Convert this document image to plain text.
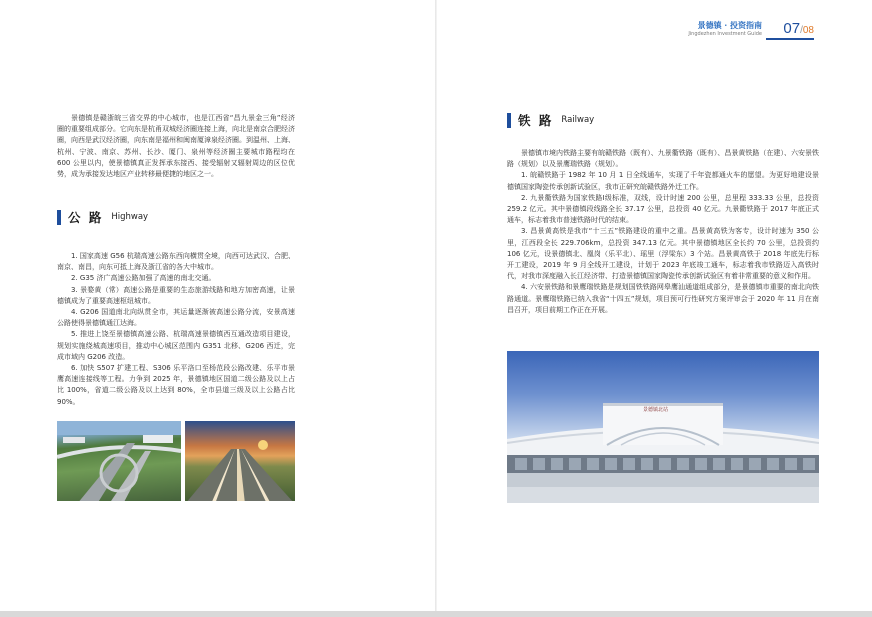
景德镇 · 投资指南
Jingdezhen Investment Guide 07/08

景德镇是赣浙皖三省交界的中心城市，也是江西省“昌九景金三角”经济圈的重要组成部分。它向东是杭甬双城经济圈连接上海，向北是南京合肥经济圈，向西是武汉经济圈，向东南是福州和闽南厦漳泉经济圈。到温州、上海、杭州、宁波、南京、苏州、长沙、厦门、泉州等经济圈主要城市路程均在 600 公里以内，使景德镇真正发挥承东接西、接受辐射又辐射周边的区位优势，成为承接发达地区产业转移最便捷的地区之一。

公 路 Highway

1. 国家高速 G56 杭瑞高速公路东西向横贯全境，向西可达武汉、合肥、南京、南昌，向东可抵上海及浙江省的各大中城市。

2. G35 济广高速公路加强了高速的南北交通。

3. 景婺黄（常）高速公路是重要的生态旅游线路和地方加密高速，让景德镇成为了重要高速枢纽城市。

4. G206 国道南北向纵贯全市，其运量逐渐被高速公路分流，安景高速公路使得景德镇通江达海。

5. 推进上饶至景德镇高速公路、杭瑞高速景德镇西互通改造项目建设，规划实施绕城高速项目，推动中心城区范围内 G351 北移、G206 西迁，完成市域内 G206 改造。

6. 加快 S507 扩建工程、S306 乐平洛口至杨范段公路改建、乐平市景鹰高速连接线等工程。力争到 2025 年，景德镇地区国道二级公路及以上占比 100%，省道二级公路及以上达到 80%，全市县道三级及以上公路占比 90%。

铁 路 Railway

景德镇市境内铁路主要有皖赣铁路（既有）、九景衢铁路（既有）、昌景黄铁路（在建）、六安景铁路（规划）以及景鹰瑞铁路（规划）。

1. 皖赣铁路于 1982 年 10 月 1 日全线通车，实现了千年瓷都通火车的愿望。为更好地建设景德镇国家陶瓷传承创新试验区，我市正研究皖赣铁路外迁工作。

2. 九景衢铁路为国家铁路Ⅰ级标准，双线，设计时速 200 公里，总里程 333.33 公里，总投资 259.2 亿元。其中景德镇段线路全长 37.17 公里，总投资 40 亿元。九景衢铁路于 2017 年底正式通车，标志着我市普速铁路时代的结束。

3. 昌景黄高铁是我市“十三五”铁路建设的重中之重。昌景黄高铁为客专，设计时速为 350 公里，江西段全长 229.706km，总投资 347.13 亿元。其中景德镇地区全长约 70 公里，总投资约 106 亿元，设景德镇北、凰岗（乐平北）、瑶里（浮梁东）3 个站。昌景黄高铁于 2018 年底先行标开工建设，2019 年 9 月全线开工建设，计划于 2023 年底竣工通车，标志着我市铁路迈入高铁时代，对我市深度融入长江经济带、打造景德镇国家陶瓷传承创新试验区有着非常重要的意义和作用。

4. 六安景铁路和景鹰瑞铁路是规划国铁铁路网皋鹰汕通道组成部分，是景德镇市重要的南北向铁路通道。景鹰瑞铁路已纳入我省“十四五”规划，项目预可行性研究方案评审会于 2020 年 11 月在南昌召开，项目前期工作正在开展。

景德镇北站
